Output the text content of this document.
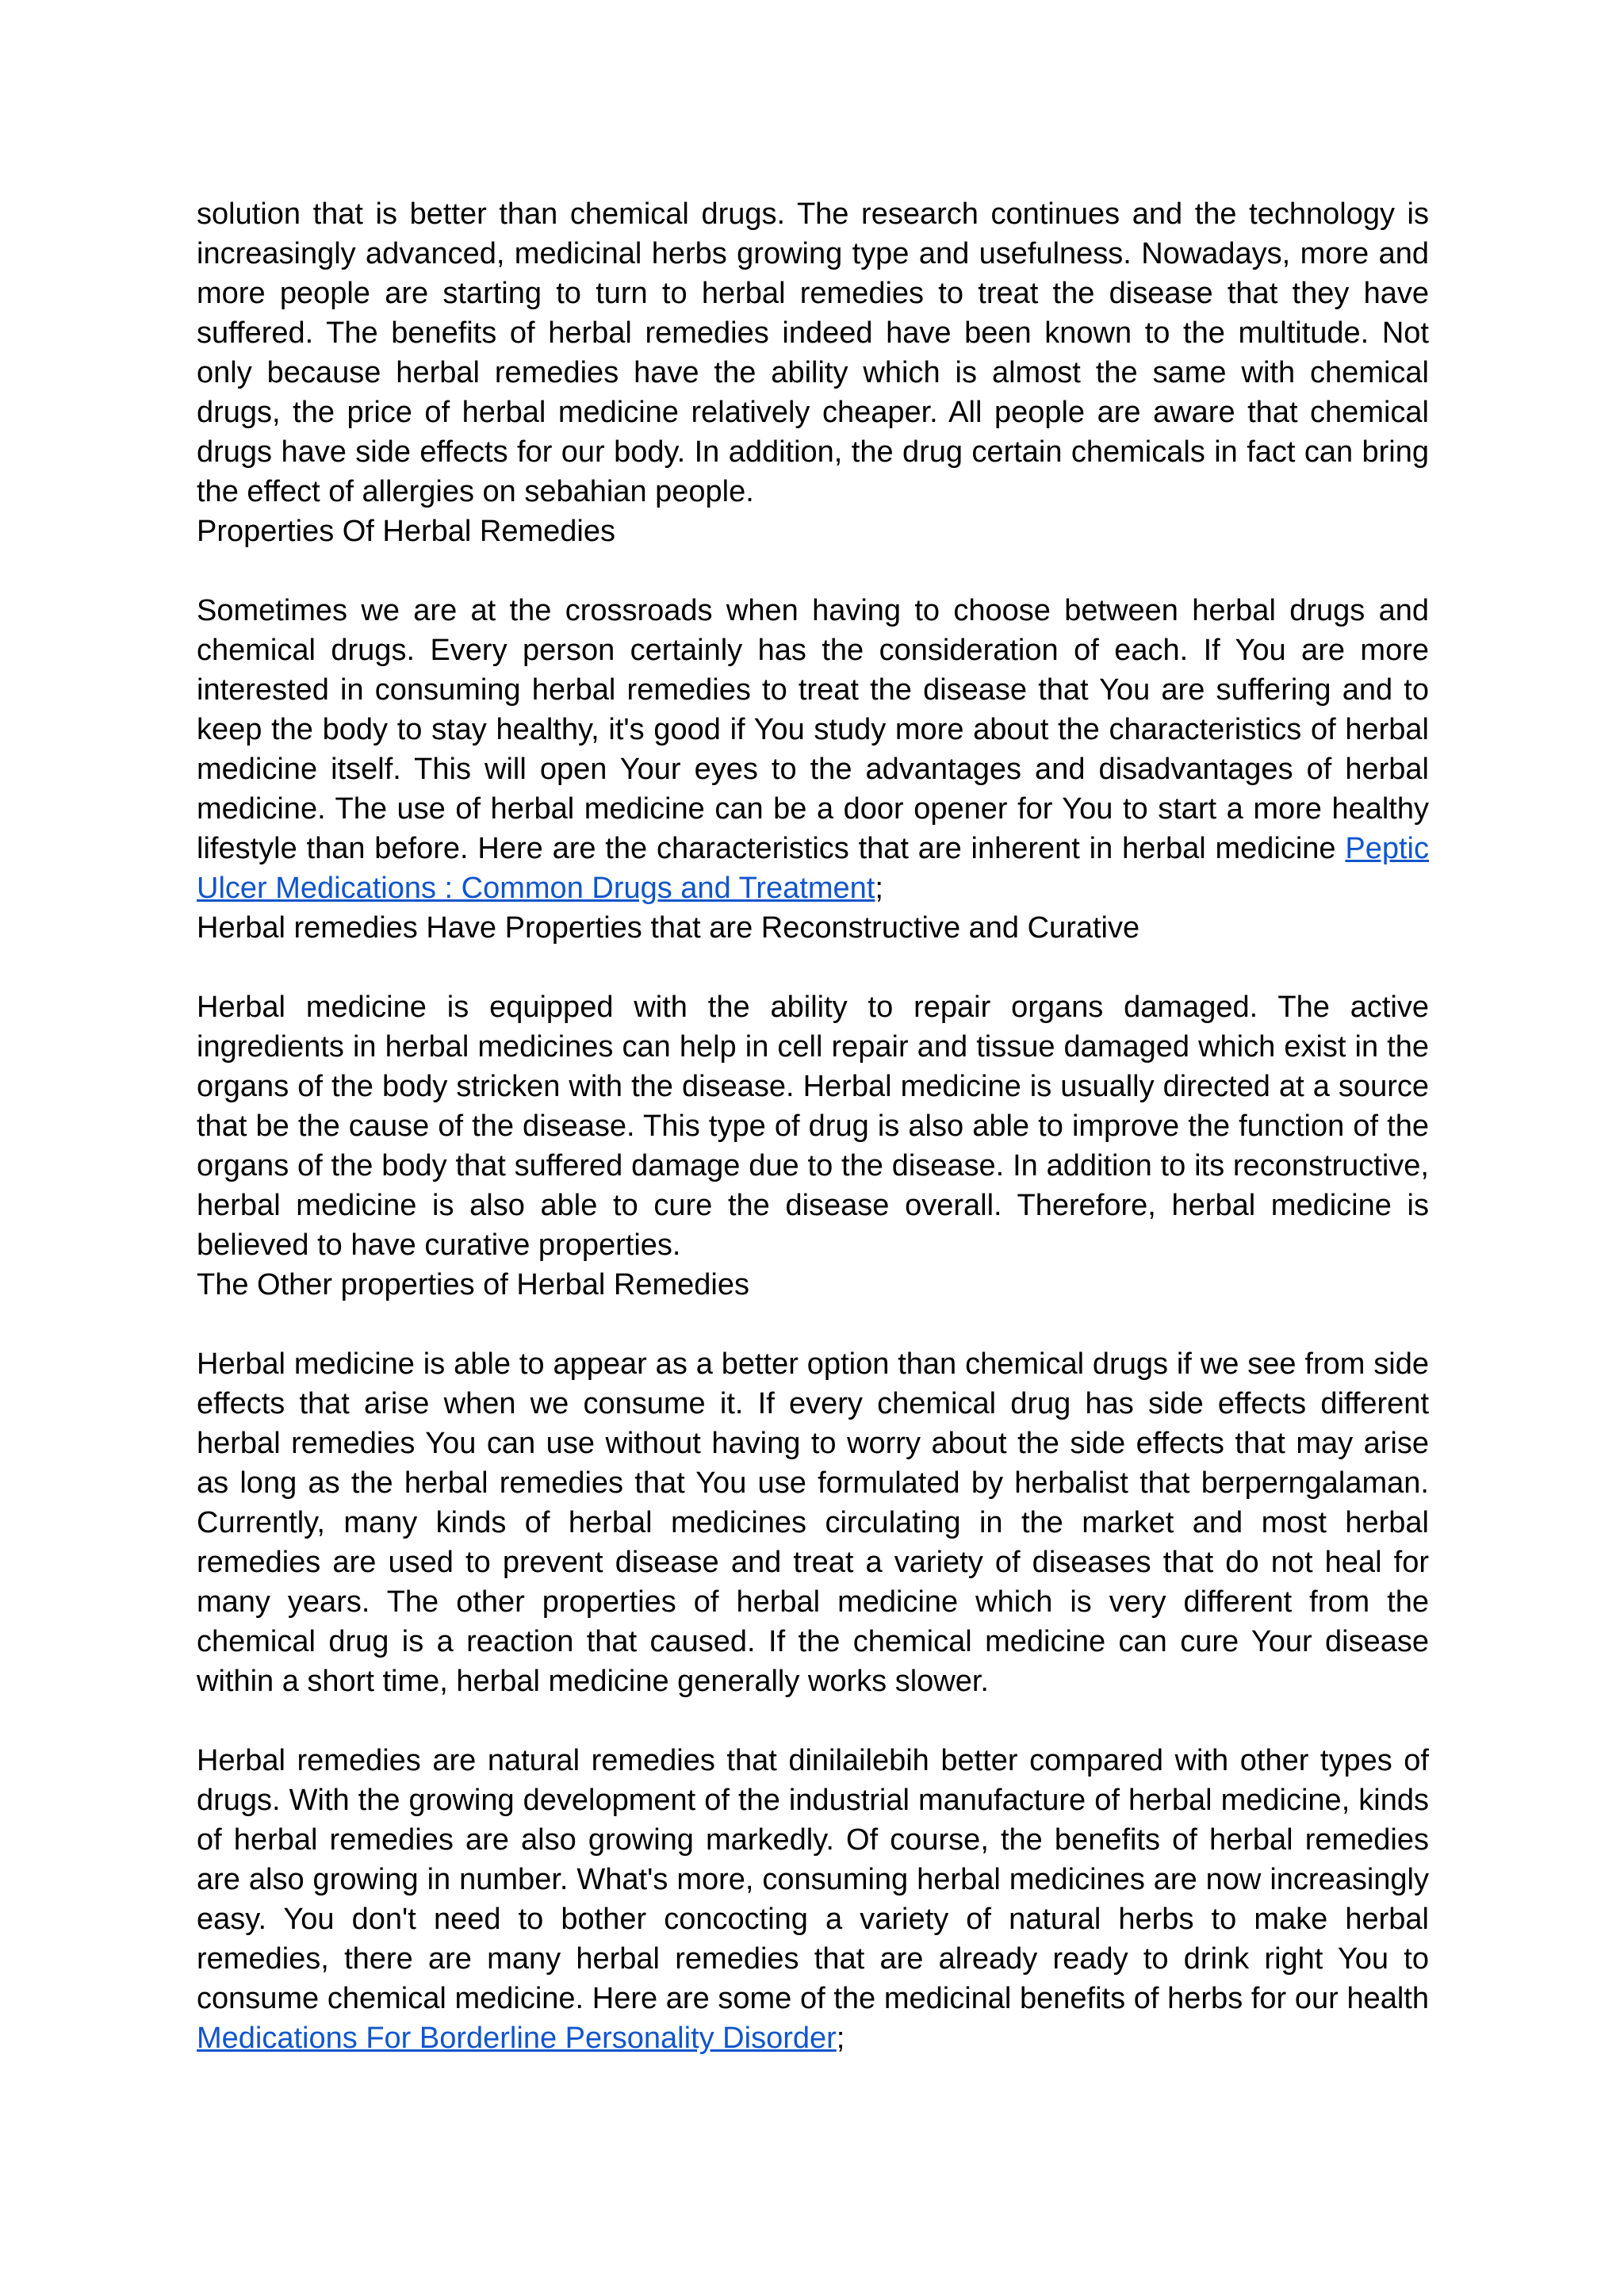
solution that is better than chemical drugs. The research continues and the technology is increasingly advanced, medicinal herbs growing type and usefulness. Nowadays, more and more people are starting to turn to herbal remedies to treat the disease that they have suffered. The benefits of herbal remedies indeed have been known to the multitude. Not only because herbal remedies have the ability which is almost the same with chemical drugs, the price of herbal medicine relatively cheaper. All people are aware that chemical drugs have side effects for our body. In addition, the drug certain chemicals in fact can bring the effect of allergies on sebahian people.

Properties Of Herbal Remedies

Sometimes we are at the crossroads when having to choose between herbal drugs and chemical drugs. Every person certainly has the consideration of each. If You are more interested in consuming herbal remedies to treat the disease that You are suffering and to keep the body to stay healthy, it's good if You study more about the characteristics of herbal medicine itself. This will open Your eyes to the advantages and disadvantages of herbal medicine. The use of herbal medicine can be a door opener for You to start a more healthy lifestyle than before. Here are the characteristics that are inherent in herbal medicine Peptic Ulcer Medications : Common Drugs and Treatment;

Herbal remedies Have Properties that are Reconstructive and Curative

Herbal medicine is equipped with the ability to repair organs damaged. The active ingredients in herbal medicines can help in cell repair and tissue damaged which exist in the organs of the body stricken with the disease. Herbal medicine is usually directed at a source that be the cause of the disease. This type of drug is also able to improve the function of the organs of the body that suffered damage due to the disease. In addition to its reconstructive, herbal medicine is also able to cure the disease overall. Therefore, herbal medicine is believed to have curative properties.

The Other properties of Herbal Remedies

Herbal medicine is able to appear as a better option than chemical drugs if we see from side effects that arise when we consume it. If every chemical drug has side effects different herbal remedies You can use without having to worry about the side effects that may arise as long as the herbal remedies that You use formulated by herbalist that berperngalaman. Currently, many kinds of herbal medicines circulating in the market and most herbal remedies are used to prevent disease and treat a variety of diseases that do not heal for many years. The other properties of herbal medicine which is very different from the chemical drug is a reaction that caused. If the chemical medicine can cure Your disease within a short time, herbal medicine generally works slower.

Herbal remedies are natural remedies that dinilailebih better compared with other types of drugs. With the growing development of the industrial manufacture of herbal medicine, kinds of herbal remedies are also growing markedly. Of course, the benefits of herbal remedies are also growing in number. What's more, consuming herbal medicines are now increasingly easy. You don't need to bother concocting a variety of natural herbs to make herbal remedies, there are many herbal remedies that are already ready to drink right You to consume chemical medicine. Here are some of the medicinal benefits of herbs for our health Medications For Borderline Personality Disorder;
